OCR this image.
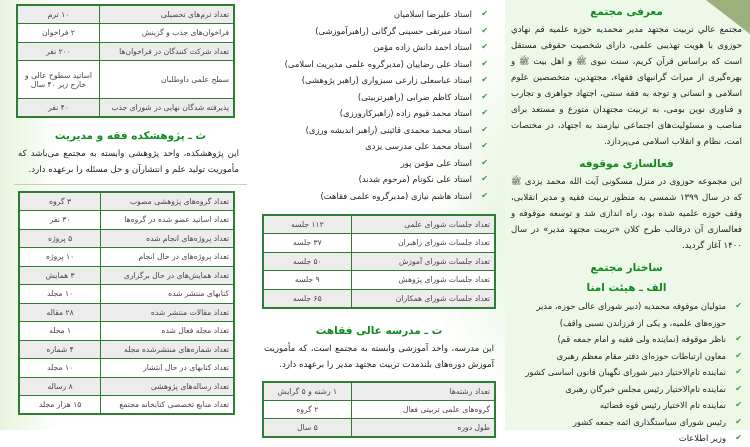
معرفی مجتمع

مجتمع عالي تربيت مجتهد مدير محمديه حوزه علميه قم نهادي حوزوی با هويت تهذيبی علمی، دارای شخصيت حقوقی مستقل است که براساس قرآن کريم، سنت نبوی ﷺ و اهل بيت ﷺ و بهره‌گيری از ميراث گرانبهای فقهاء، مجتهدين، متخصصين علوم اسلامی و انسانی و توجه به فقه سنتی، اجتهاد جواهری و تجارب و فناوری نوين بومی، به تربيت مجتهدان متورع و مستعد برای مناصب و مسئوليت‌های اجتماعی نيازمند به اجتهاد، در مختصات امت، نظام و انقلاب اسلامی می‌پردازد.

فعالسازی موقوفه

اين مجموعه حوزوی در منزل مسکونی آيت الله محمد يزدی ﷺ که در سال ۱۳۹۹ شمسی به منظور تربيت فقيه و مدير انقلابی، وقف حوزه علميه شده بود، راه اندازی شد و توسعه موقوفه و فعالسازی آن درقالب طرح کلان «تربيت مجتهد مدير» در سال ۱۴۰۰ آغاز گرديد.

ساختار مجتمع
الف ـ هيئت امنا
✔
متوليان موقوفه محمديه (دبير شورای عالی حوزه، مدير حوزه‌های علميه، و يکی از فرزاندن نسبی واقف)
✔
ناظر موقوفه (نماينده ولی فقيه و امام جمعه قم)
✔
معاون ارتباطات حوزه‌ای دفتر مقام معظم رهبری
✔
نماينده تام‌الاختيار دبير شورای نگهبان قانون اساسی کشور
✔
نماينده تام‌الاختيار رئيس مجلس خبرگان رهبری
✔
نماينده تام الاختيار رئيس قوه قضائيه
✔
رئيس شورای سياستگذاری ائمه جمعه کشور
✔
وزير اطلاعات
✔
استاد عليرضا اسلاميان
✔
استاد ميرتقی حسينی گرگانی (راهبرآموزشی)
✔
استاد احمد دانش زاده مؤمن
✔
استاد علی رضاييان (مديرگروه علمی مديريت اسلامی)
✔
استاد عباسعلی زارعی سبزواری (راهبر پژوهشی)
✔
استاد کاظم ضرابی (راهبرتربيتی)
✔
استاد محمد قيوم زاده (راهبرکارورزی)
✔
استاد محمد محمدی قائينی (راهبر انديشه ورزی)
✔
استاد محمد علی مدرسی يزدی
✔
استاد علی مؤمن پور
✔
استاد علی نکونام (مرحوم شدند)
✔
استاد هاشم نيازی (مديرگروه علمی فقاهت)
تعداد جلسات شورای علمی	۱۱۲ جلسه
تعداد جلسات شورای راهبران	۳۷ جلسه
تعداد جلسات شورای آموزش	۵۰ جلسه
تعداد جلسات شورای پژوهش	۹ جلسه
تعداد جلسات شورای همکاران	۶۵ جلسه
ت ـ مدرسه عالی فقاهت

اين مدرسه، واحد آموزشی وابسته به مجتمع است، که مأموريت آموزش دوره‌های بلندمدت تربيت مجتهد مدير را برعهده دارد.

تعداد رشته‌ها	۱ رشته و ۵ گرايش
گروه‌های علمی تربيتی فعال	۲ گروه
طول دوره	۵ سال
تعداد ترم‌های تحصيلی	۱۰ ترم
فراخوان‌های جذب و گزينش	۲ فراخوان
تعداد شرکت کنندگان در فراخوان‌ها	۲۰۰ نفر
سطح علمی داوطلبان	اساتيد سطوح عالی و خارج زير ۴۰ سال
پذيرفته شدگان نهايی در شورای جذب	۴۰ نفر
ث ـ پژوهشکده فقه و مديريت

اين پژوهشکده، واحد پژوهشی وابسته به مجتمع می‌باشد که مأموريت توليد علم و انتشارآن و حل مسئله را برعهده دارد.

تعداد گروه‌های پژوهشی مصوب	۳ گروه
تعداد اساتيد عضو شده در گروه‌ها	۳۰ نفر
تعداد پروژه‌های انجام شده	۵ پروژه
تعداد پروژه‌های در حال انجام	۱۰ پروژه
تعداد همايش‌های در حال برگزاری	۳ همايش
کتابهای منتشر شده	۱۰ مجلد
تعداد مقالات منتشر شده	۲۸ مقاله
تعداد مجله فعال شده	۱ مجله
تعداد شماره‌های منتشرشده مجله	۴ شماره
تعداد کتابهای در حال انتشار	۱۰ مجلد
تعداد رساله‌های پژوهشی	۸ رساله
تعداد منابع تخصصی کتابخانه مجتمع	۱۵ هزار مجلد
